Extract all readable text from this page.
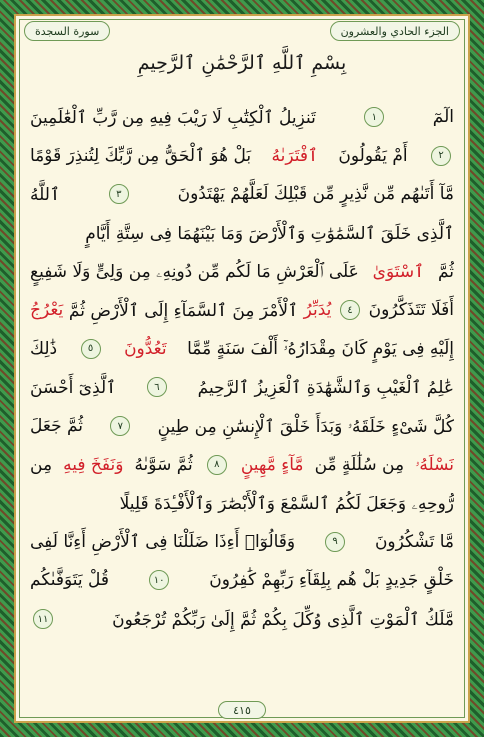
سورة السجدة	الجزء الحادي والعشرون
بِسْمِ ٱللَّهِ ٱلرَّحْمَٰنِ ٱلرَّحِيمِ
الٓمٓ
١
تَنزِيلُ ٱلْكِتَٰبِ لَا رَيْبَ فِيهِ مِن رَّبِّ ٱلْعَٰلَمِينَ
٢
أَمْ يَقُولُونَ
ٱفْتَرَىٰهُ
بَلْ هُوَ ٱلْحَقُّ مِن رَّبِّكَ لِتُنذِرَ قَوْمًا
مَّآ أَتَىٰهُم مِّن نَّذِيرٍ مِّن قَبْلِكَ لَعَلَّهُمْ يَهْتَدُونَ
٣
ٱللَّهُ
ٱلَّذِى خَلَقَ ٱلسَّمَٰوَٰتِ وَٱلْأَرْضَ وَمَا بَيْنَهُمَا فِى سِتَّةِ أَيَّامٍ
ثُمَّ
ٱسْتَوَىٰ
عَلَى ٱلْعَرْشِ مَا لَكُم مِّن دُونِهِۦ مِن وَلِىٍّ وَلَا شَفِيعٍ
أَفَلَا تَتَذَكَّرُونَ
٤
يُدَبِّرُ
ٱلْأَمْرَ مِنَ ٱلسَّمَآءِ إِلَى ٱلْأَرْضِ ثُمَّ
يَعْرُجُ
إِلَيْهِ فِى يَوْمٍ كَانَ مِقْدَارُهُۥٓ أَلْفَ سَنَةٍ مِّمَّا
تَعُدُّونَ
٥
ذَٰلِكَ
عَٰلِمُ ٱلْغَيْبِ وَٱلشَّهَٰدَةِ ٱلْعَزِيزُ ٱلرَّحِيمُ
٦
ٱلَّذِىٓ أَحْسَنَ
كُلَّ شَىْءٍ خَلَقَهُۥ وَبَدَأَ خَلْقَ ٱلْإِنسَٰنِ مِن طِينٍ
٧
ثُمَّ جَعَلَ
نَسْلَهُۥ
مِن سُلَٰلَةٍ مِّن
مَّآءٍ مَّهِينٍ
٨
ثُمَّ سَوَّىٰهُ
وَنَفَخَ فِيهِ
مِن
رُّوحِهِۦ وَجَعَلَ لَكُمُ ٱلسَّمْعَ وَٱلْأَبْصَٰرَ وَٱلْأَفْـِٔدَةَ قَلِيلًا
مَّا تَشْكُرُونَ
٩
وَقَالُوٓا۟ أَءِذَا ضَلَلْنَا فِى ٱلْأَرْضِ أَءِنَّا لَفِى
خَلْقٍ جَدِيدٍ بَلْ هُم بِلِقَآءِ رَبِّهِمْ كَٰفِرُونَ
١٠
قُلْ يَتَوَفَّىٰكُم
مَّلَكُ ٱلْمَوْتِ ٱلَّذِى وُكِّلَ بِكُمْ ثُمَّ إِلَىٰ رَبِّكُمْ تُرْجَعُونَ
١١
٤١٥
